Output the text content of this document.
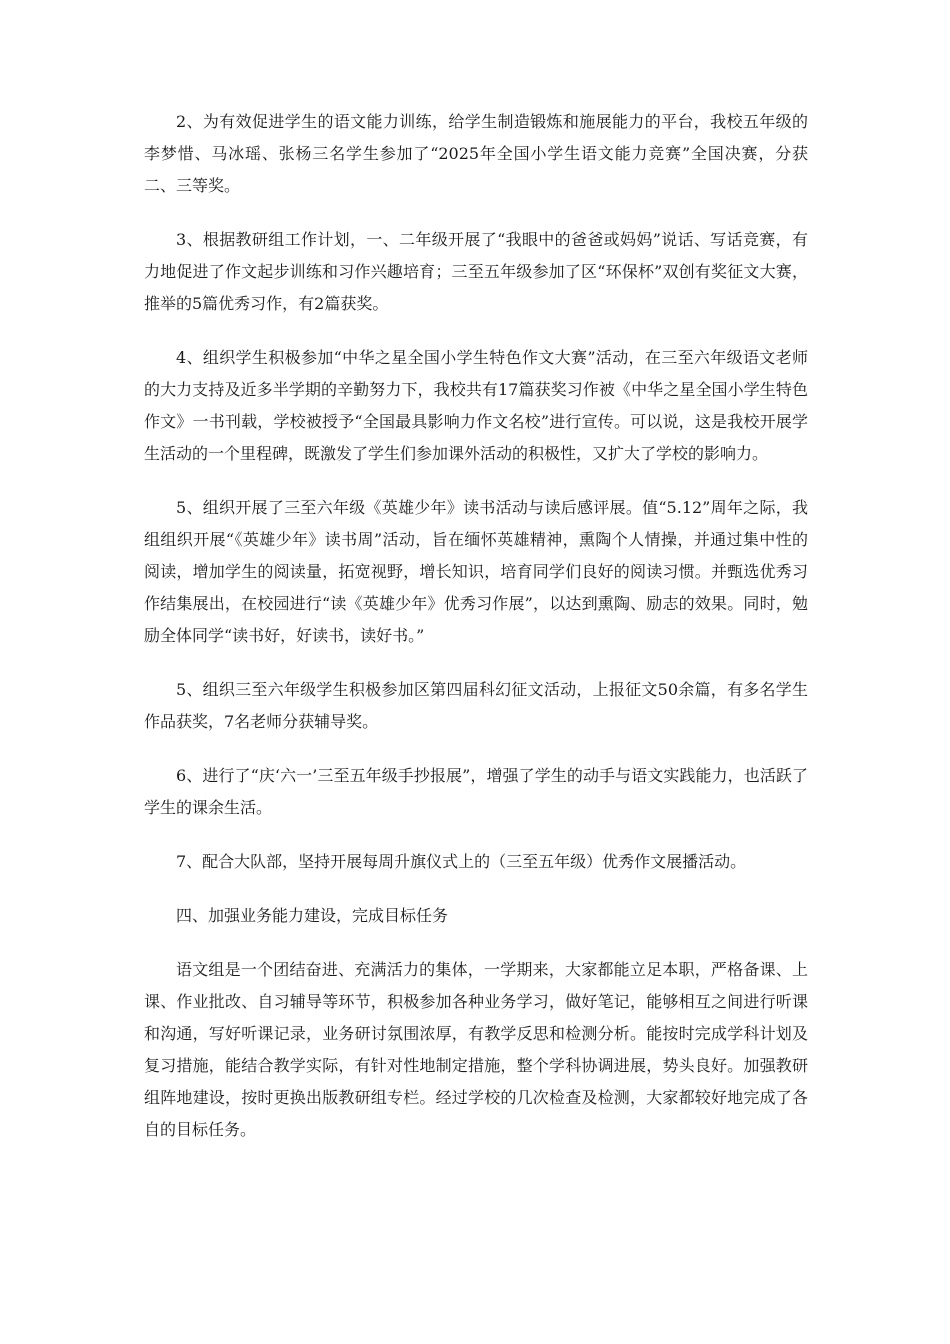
2、为有效促进学生的语文能力训练，给学生制造锻炼和施展能力的平台，我校五年级的李梦惜、马冰瑶、张杨三名学生参加了“2025年全国小学生语文能力竞赛”全国决赛，分获二、三等奖。

3、根据教研组工作计划，一、二年级开展了“我眼中的爸爸或妈妈”说话、写话竞赛，有力地促进了作文起步训练和习作兴趣培育；三至五年级参加了区“环保杯”双创有奖征文大赛，推举的5篇优秀习作，有2篇获奖。

4、组织学生积极参加“中华之星全国小学生特色作文大赛”活动，在三至六年级语文老师的大力支持及近多半学期的辛勤努力下，我校共有17篇获奖习作被《中华之星全国小学生特色作文》一书刊载，学校被授予“全国最具影响力作文名校”进行宣传。可以说，这是我校开展学生活动的一个里程碑，既激发了学生们参加课外活动的积极性，又扩大了学校的影响力。

5、组织开展了三至六年级《英雄少年》读书活动与读后感评展。值“5.12”周年之际，我组组织开展“《英雄少年》读书周”活动，旨在缅怀英雄精神，熏陶个人情操，并通过集中性的阅读，增加学生的阅读量，拓宽视野，增长知识，培育同学们良好的阅读习惯。并甄选优秀习作结集展出，在校园进行“读《英雄少年》优秀习作展”，以达到熏陶、励志的效果。同时，勉励全体同学“读书好，好读书，读好书。”

5、组织三至六年级学生积极参加区第四届科幻征文活动，上报征文50余篇，有多名学生作品获奖，7名老师分获辅导奖。

6、进行了“庆‘六一’三至五年级手抄报展”，增强了学生的动手与语文实践能力，也活跃了学生的课余生活。

7、配合大队部，坚持开展每周升旗仪式上的（三至五年级）优秀作文展播活动。

四、加强业务能力建设，完成目标任务

语文组是一个团结奋进、充满活力的集体，一学期来，大家都能立足本职，严格备课、上课、作业批改、自习辅导等环节，积极参加各种业务学习，做好笔记，能够相互之间进行听课和沟通，写好听课记录，业务研讨氛围浓厚，有教学反思和检测分析。能按时完成学科计划及复习措施，能结合教学实际，有针对性地制定措施，整个学科协调进展，势头良好。加强教研组阵地建设，按时更换出版教研组专栏。经过学校的几次检查及检测，大家都较好地完成了各自的目标任务。
